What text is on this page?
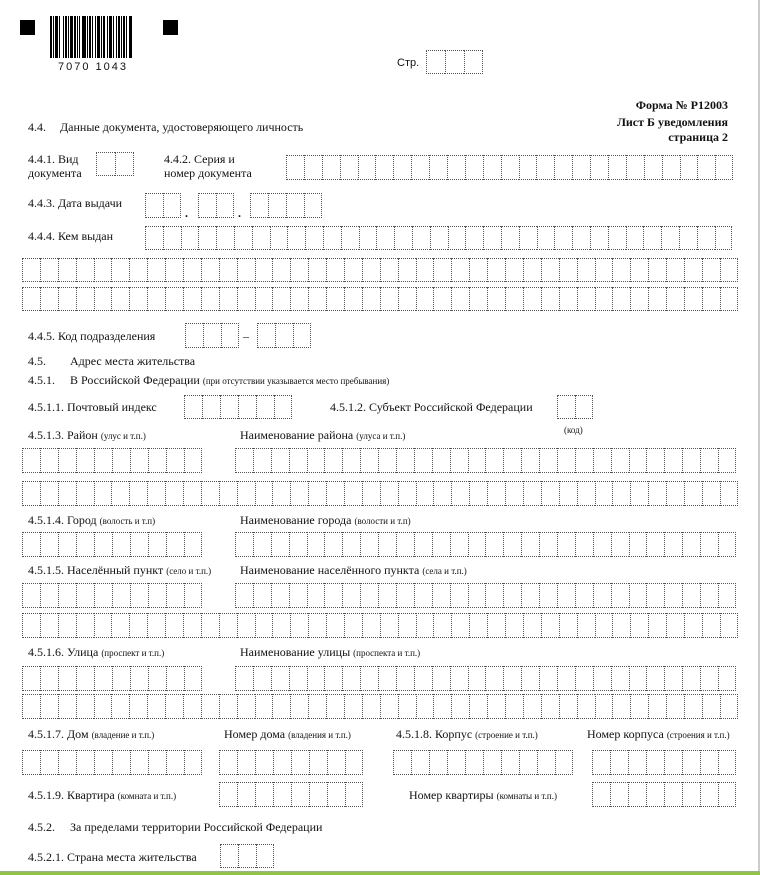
7070 1043	Стр.
Форма № Р12003
Лист Б уведомления
страница 2
4.4. Данные документа, удостоверяющего личность
4.4.1. Вид
документа
4.4.2. Серия и
номер документа
4.4.3. Дата выдачи
.	.
4.4.4. Кем выдан
4.4.5. Код подразделения	–
4.5. Адрес места жительства
4.5.1. В Российской Федерации (при отсутствии указывается место пребывания)
4.5.1.1. Почтовый индекс	4.5.1.2. Субъект Российской Федерации
(код)
4.5.1.3. Район (улус и т.п.)	Наименование района (улуса и т.п.)
4.5.1.4. Город (волость и т.п)	Наименование города (волости и т.п)
4.5.1.5. Населённый пункт (село и т.п.) Наименование населённого пункта (села и т.п.)
4.5.1.6. Улица (проспект и т.п.)	Наименование улицы (проспекта и т.п.)
4.5.1.7. Дом (владение и т.п.)	Номер дома (владения и т.п.)	4.5.1.8. Корпус (строение и т.п.)	Номер корпуса (строения и т.п.)
4.5.1.9. Квартира (комната и т.п.)	Номер квартиры (комнаты и т.п.)
4.5.2. За пределами территории Российской Федерации
4.5.2.1. Страна места жительства
